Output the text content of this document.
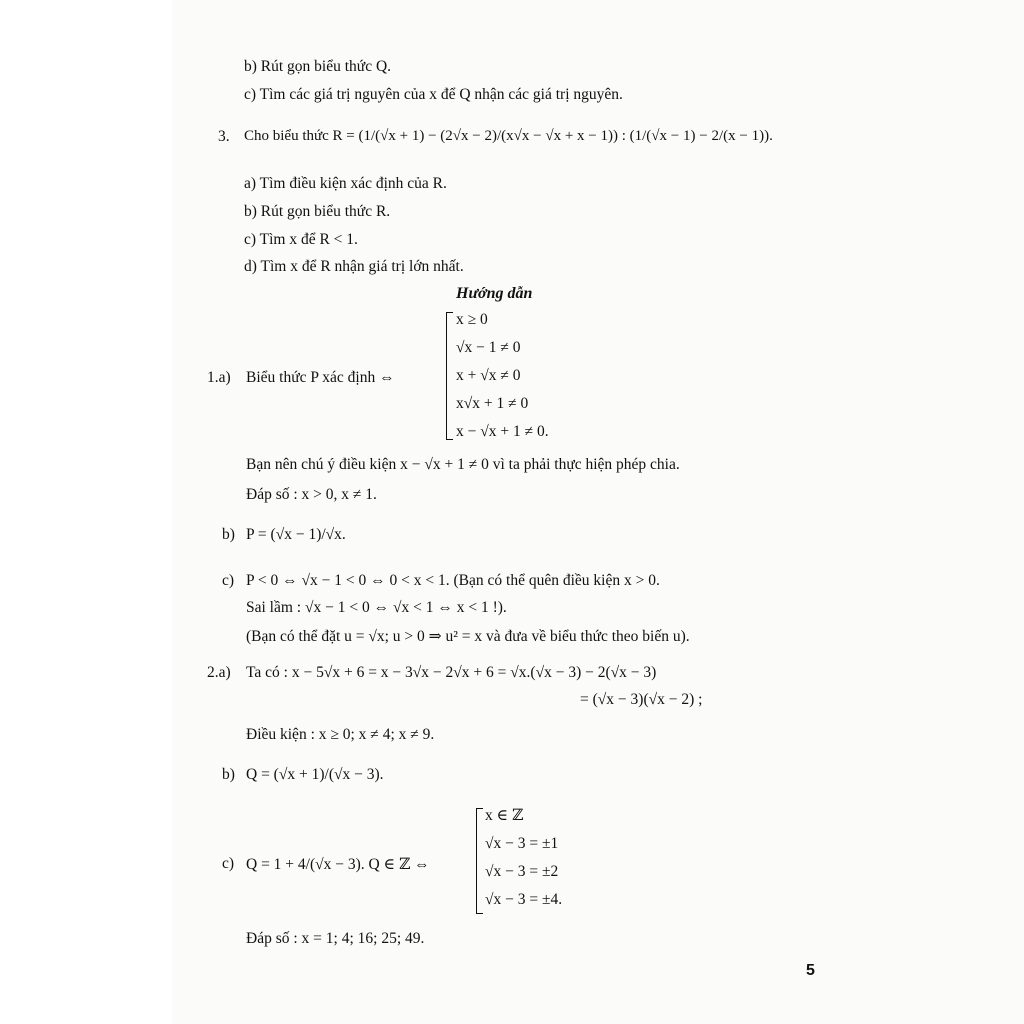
b) Rút gọn biểu thức Q.
c) Tìm các giá trị nguyên của x để Q nhận các giá trị nguyên.
3. Cho biểu thức R = (1/(√x + 1) − (2√x − 2)/(x√x − √x + x − 1)) : (1/(√x − 1) − 2/(x − 1)).
a) Tìm điều kiện xác định của R.
b) Rút gọn biểu thức R.
c) Tìm x để R < 1.
d) Tìm x để R nhận giá trị lớn nhất.
Hướng dẫn
1.a) Biểu thức P xác định ⇔
x ≥ 0
√x − 1 ≠ 0
x + √x ≠ 0
x√x + 1 ≠ 0
x − √x + 1 ≠ 0.
Bạn nên chú ý điều kiện x − √x + 1 ≠ 0 vì ta phải thực hiện phép chia.
Đáp số : x > 0, x ≠ 1.
b) P = (√x − 1)/√x.
c) P < 0 ⇔ √x − 1 < 0 ⇔ 0 < x < 1. (Bạn có thể quên điều kiện x > 0.
Sai lầm : √x − 1 < 0 ⇔ √x < 1 ⇔ x < 1 !).
(Bạn có thể đặt u = √x; u > 0 ⇒ u² = x và đưa về biểu thức theo biến u).
2.a) Ta có : x − 5√x + 6 = x − 3√x − 2√x + 6 = √x.(√x − 3) − 2(√x − 3)
= (√x − 3)(√x − 2) ;
Điều kiện : x ≥ 0; x ≠ 4; x ≠ 9.
b) Q = (√x + 1)/(√x − 3).
c) Q = 1 + 4/(√x − 3). Q ∈ ℤ ⇔
x ∈ ℤ
√x − 3 = ±1
√x − 3 = ±2
√x − 3 = ±4.
Đáp số : x = 1; 4; 16; 25; 49.
5
